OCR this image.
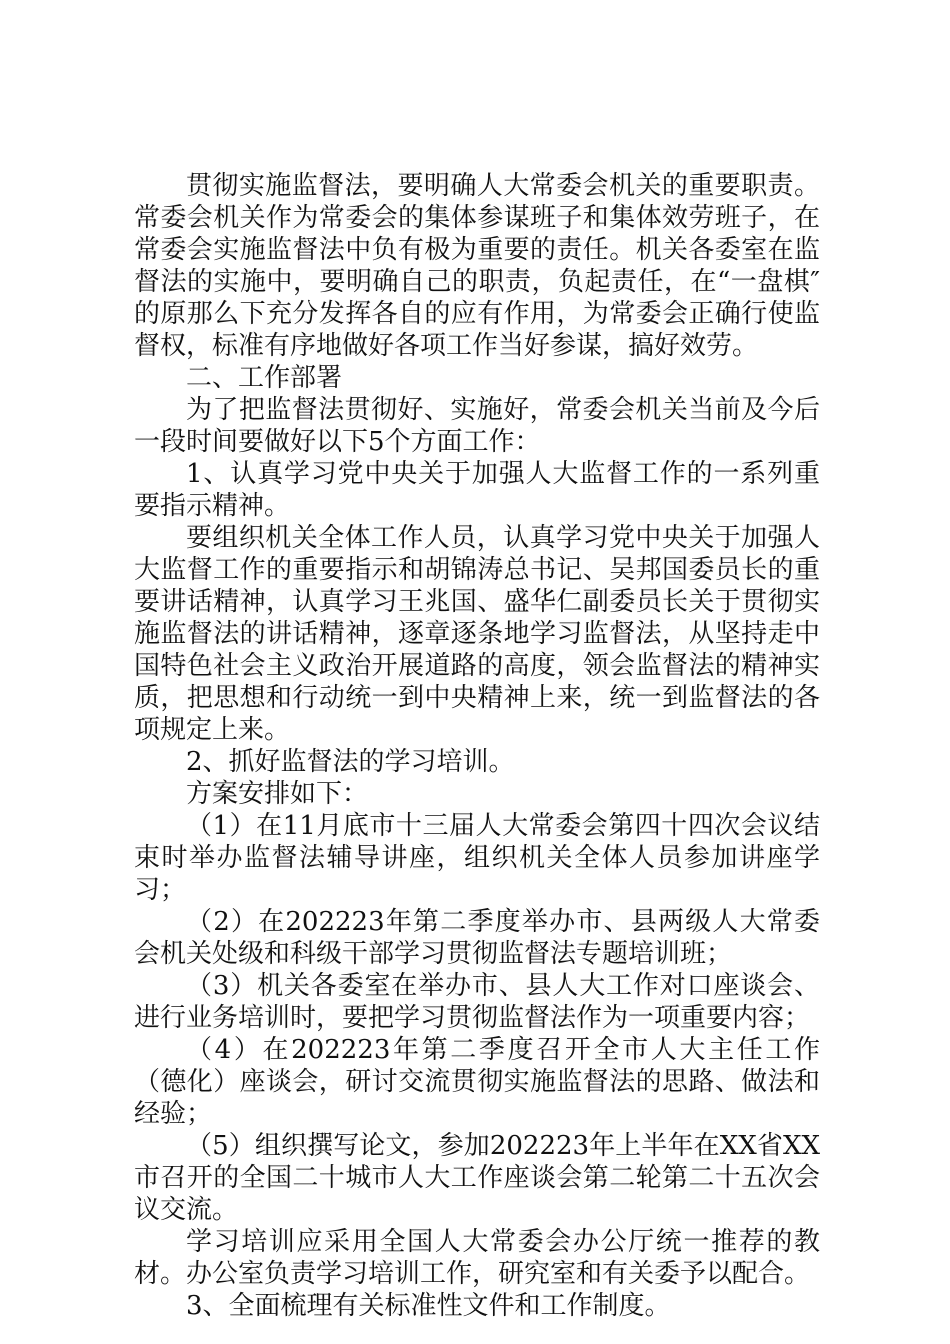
贯彻实施监督法，要明确人大常委会机关的重要职责。常委会机关作为常委会的集体参谋班子和集体效劳班子，在常委会实施监督法中负有极为重要的责任。机关各委室在监督法的实施中，要明确自己的职责，负起责任，在“一盘棋″的原那么下充分发挥各自的应有作用，为常委会正确行使监督权，标准有序地做好各项工作当好参谋，搞好效劳。

二、工作部署

为了把监督法贯彻好、实施好，常委会机关当前及今后一段时间要做好以下5个方面工作：

1、认真学习党中央关于加强人大监督工作的一系列重要指示精神。

要组织机关全体工作人员，认真学习党中央关于加强人大监督工作的重要指示和胡锦涛总书记、吴邦国委员长的重要讲话精神，认真学习王兆国、盛华仁副委员长关于贯彻实施监督法的讲话精神，逐章逐条地学习监督法，从坚持走中国特色社会主义政治开展道路的高度，领会监督法的精神实质，把思想和行动统一到中央精神上来，统一到监督法的各项规定上来。

2、抓好监督法的学习培训。

方案安排如下：

（1）在11月底市十三届人大常委会第四十四次会议结束时举办监督法辅导讲座，组织机关全体人员参加讲座学习；

（2）在202223年第二季度举办市、县两级人大常委会机关处级和科级干部学习贯彻监督法专题培训班；

（3）机关各委室在举办市、县人大工作对口座谈会、进行业务培训时，要把学习贯彻监督法作为一项重要内容；

（4）在202223年第二季度召开全市人大主任工作（德化）座谈会，研讨交流贯彻实施监督法的思路、做法和经验；

（5）组织撰写论文，参加202223年上半年在XX省XX市召开的全国二十城市人大工作座谈会第二轮第二十五次会议交流。

学习培训应采用全国人大常委会办公厅统一推荐的教材。办公室负责学习培训工作，研究室和有关委予以配合。

3、全面梳理有关标准性文件和工作制度。
